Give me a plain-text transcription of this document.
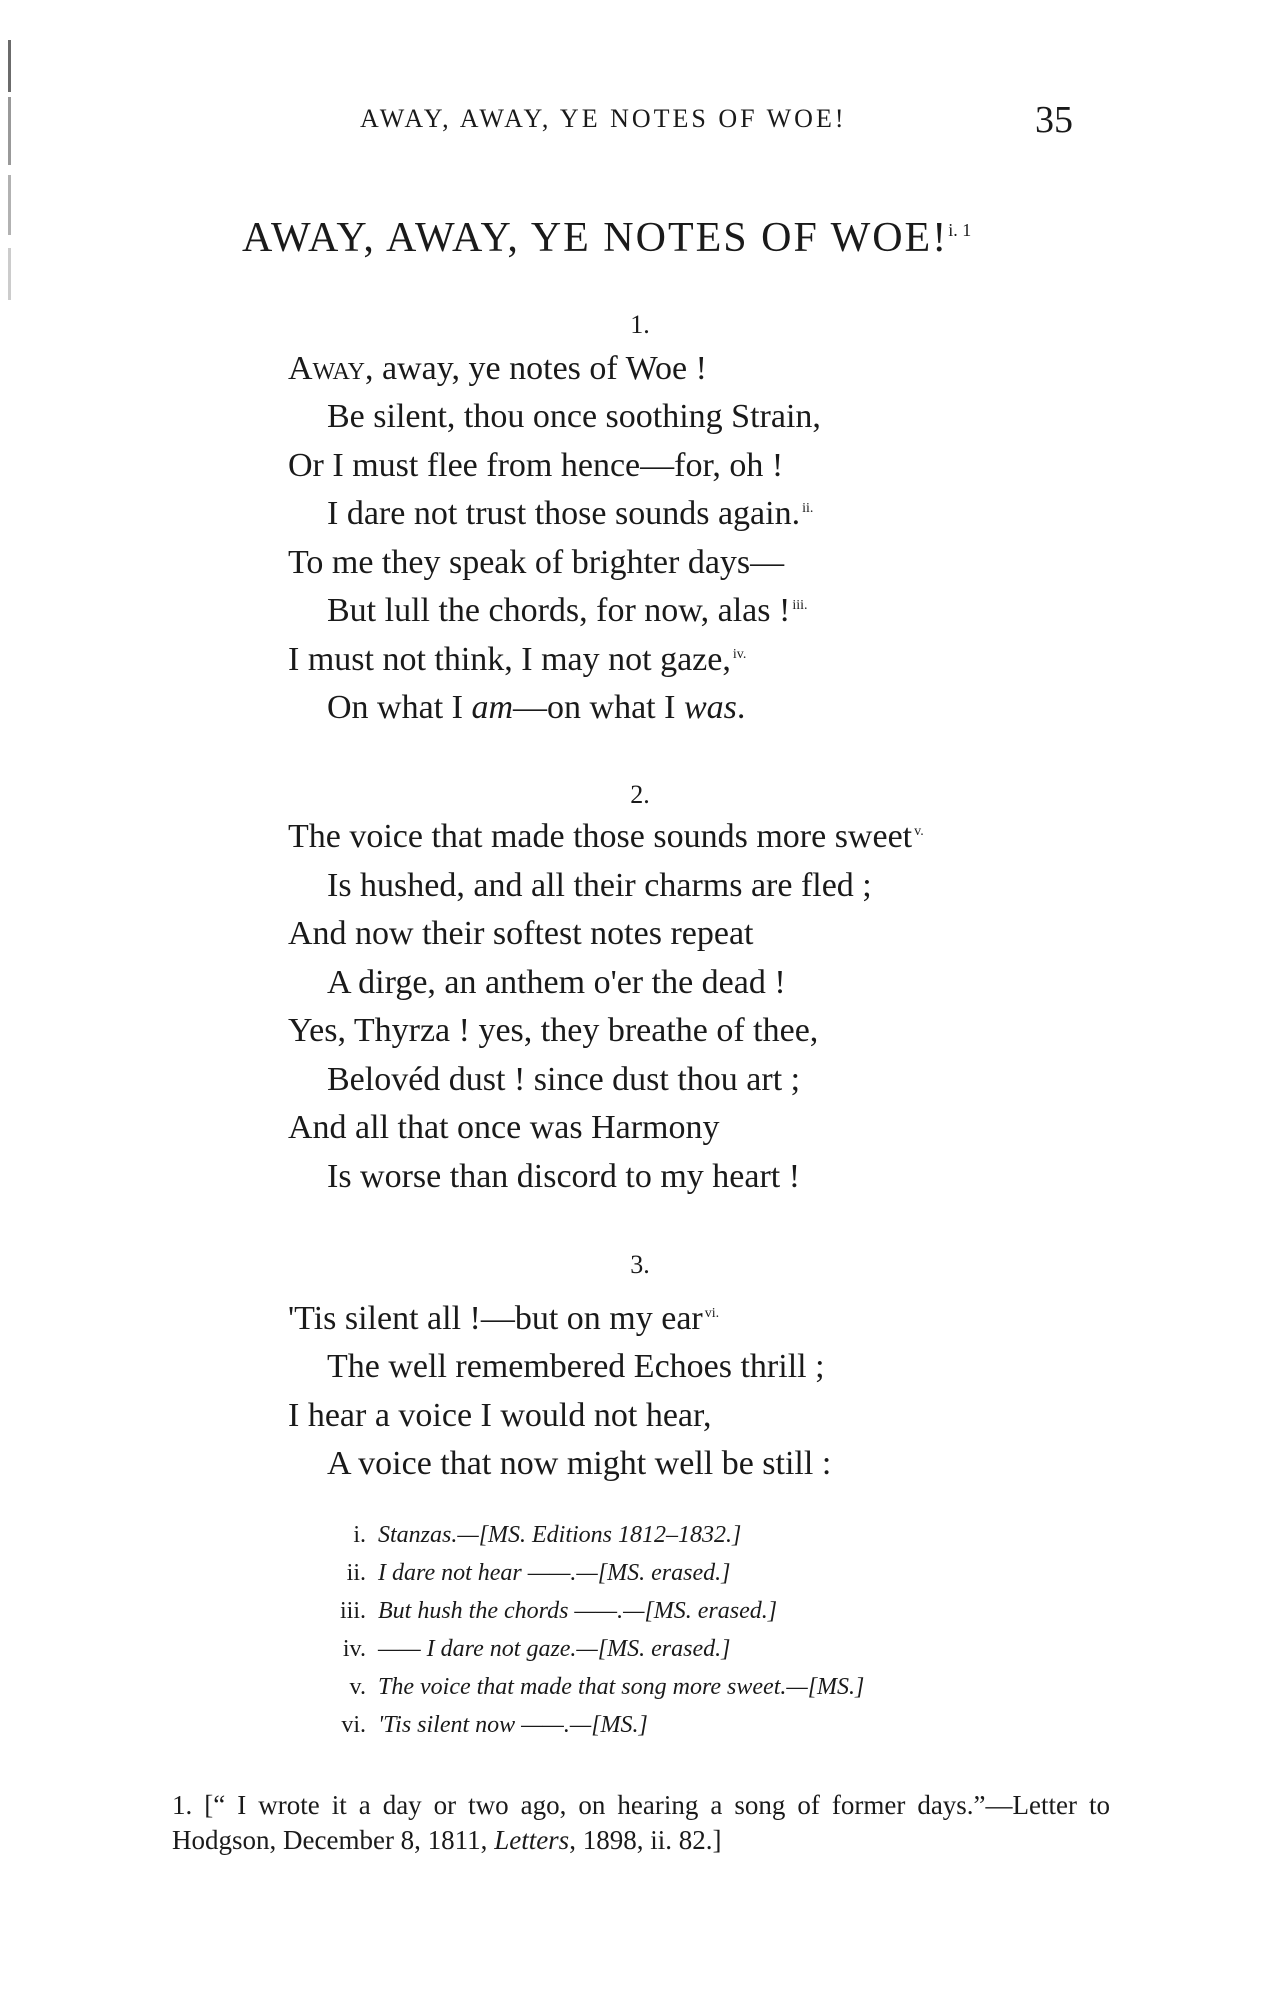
AWAY, AWAY, YE NOTES OF WOE!	35
AWAY, AWAY, YE NOTES OF WOE!$^{i. 1}$
1.
Away, away, ye notes of Woe !
Be silent, thou once soothing Strain,
Or I must flee from hence—for, oh !
I dare not trust those sounds again. $^{ii.}$
To me they speak of brighter days—
But lull the chords, for now, alas ! $^{iii.}$
I must not think, I may not gaze, $^{iv.}$
On what I am—on what I was.
2.
The voice that made those sounds more sweet $^{v.}$
Is hushed, and all their charms are fled ;
And now their softest notes repeat
A dirge, an anthem o'er the dead !
Yes, Thyrza ! yes, they breathe of thee,
Belovéd dust ! since dust thou art ;
And all that once was Harmony
Is worse than discord to my heart !
3.
'Tis silent all !—but on my ear $^{vi.}$
The well remembered Echoes thrill ;
I hear a voice I would not hear,
A voice that now might well be still :
i. Stanzas.—[MS. Editions 1812–1832.]
ii. I dare not hear ——.—[MS. erased.]
iii. But hush the chords ——.—[MS. erased.]
iv. —— I dare not gaze.—[MS. erased.]
v. The voice that made that song more sweet.—[MS.]
vi. 'Tis silent now ——.—[MS.]
1. [“ I wrote it a day or two ago, on hearing a song of former days.”—Letter to Hodgson, December 8, 1811, Letters, 1898, ii. 82.]
